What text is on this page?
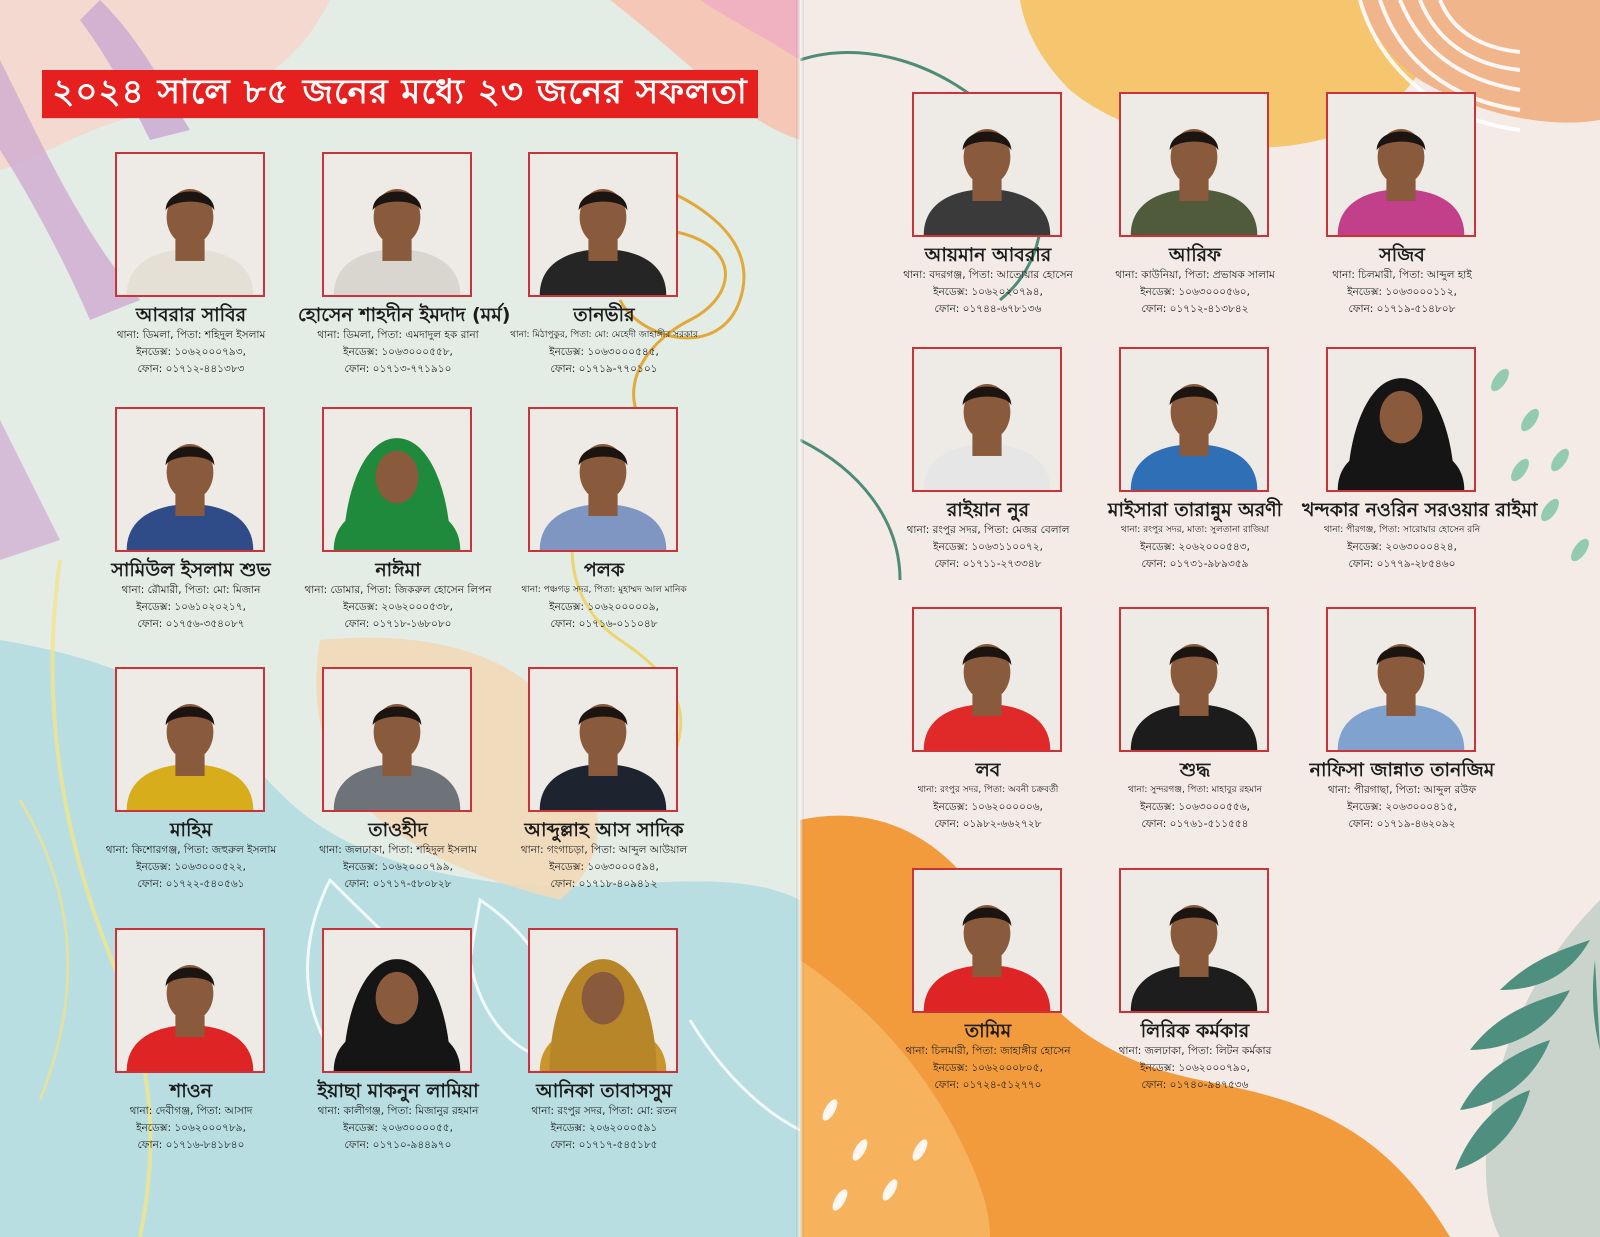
২০২৪ সালে ৮৫ জনের মধ্যে ২৩ জনের সফলতা
আবরার সাবির
থানা: ডিমলা, পিতা: শহিদুল ইসলাম
ইনডেক্স: ১০৬২০০০৭৯৩,
ফোন: ০১৭১২-৪৪১৩৮৩
হোসেন শাহদীন ইমদাদ (মর্ম)
থানা: ডিমলা, পিতা: এমদাদুল হক রানা
ইনডেক্স: ১০৬৩০০০৫৫৮,
ফোন: ০১৭১৩-৭৭১৯১০
তানভীর
থানা: মিঠাপুকুর, পিতা: মো: মেহেদী জাহাঙ্গীর সরকার
ইনডেক্স: ১০৬৩০০০৫৪৫,
ফোন: ০১৭১৯-৭৭০১০১
সামিউল ইসলাম শুভ
থানা: রৌমারী, পিতা: মো: মিজান
ইনডেক্স: ১০৬১০২০২১৭,
ফোন: ০১৭৫৬-৩৫৪০৮৭
নাঈমা
থানা: ডোমার, পিতা: জিকরুল হোসেন লিপন
ইনডেক্স: ২০৬২০০০৫৩৮,
ফোন: ০১৭১৮-১৬৮০৮০
পলক
থানা: পঞ্চগড় সদর, পিতা: মুহাম্মদ আল মানিক
ইনডেক্স: ১০৬২০০০০০৯,
ফোন: ০১৭১৬-০১১০৪৮
মাহিম
থানা: কিশোরগঞ্জ, পিতা: জহুরুল ইসলাম
ইনডেক্স: ১০৬৩০০০৫২২,
ফোন: ০১৭২২-৫৪০৫৬১
তাওহীদ
থানা: জলঢাকা, পিতা: শহিদুল ইসলাম
ইনডেক্স: ১০৬২০০০৭৯৯,
ফোন: ০১৭১৭-৫৮০৮২৮
আব্দুল্লাহ আস সাদিক
থানা: গংগাচড়া, পিতা: আব্দুল আউয়াল
ইনডেক্স: ১০৬৩০০০৫৯৪,
ফোন: ০১৭১৮-৪০৯৪১২
শাওন
থানা: দেবীগঞ্জ, পিতা: আসাদ
ইনডেক্স: ১০৬২০০০৭৮৯,
ফোন: ০১৭১৬-৮৪১৮৪০
ইয়াছা মাকনুন লামিয়া
থানা: কালীগঞ্জ, পিতা: মিজানুর রহমান
ইনডেক্স: ২০৬৩০০০০৫৫,
ফোন: ০১৭১০-৯৪৪৯৭০
আনিকা তাবাসসুম
থানা: রংপুর সদর, পিতা: মো: রতন
ইনডেক্স: ২০৬২০০০৫৯১
ফোন: ০১৭১৭-৫৪৫১৮৫
আয়মান আবরার
থানা: বদরগঞ্জ, পিতা: আতোয়ার হোসেন
ইনডেক্স: ১০৬২০২০৭৯৪,
ফোন: ০১৭৪৪-৬৭৮১৩৬
আরিফ
থানা: কাউনিয়া, পিতা: প্রভাষক সালাম
ইনডেক্স: ১০৬৩০০০৫৬০,
ফোন: ০১৭১২-৪১৩৮৪২
সজিব
থানা: চিলমারী, পিতা: আব্দুল হাই
ইনডেক্স: ১০৬৩০০০১১২,
ফোন: ০১৭১৯-৫১৪৮০৮
রাইয়ান নুর
থানা: রংপুর সদর, পিতা: মেজর বেলাল
ইনডেক্স: ১০৬৩১১০০৭২,
ফোন: ০১৭১১-২৭৩৩৪৮
মাইসারা তারান্নুম অরণী
থানা: রংপুর সদর, মাতা: সুলতানা রাজিয়া
ইনডেক্স: ২০৬২০০০৫৪৩,
ফোন: ০১৭৩১-৯৮৯৩৫৯
খন্দকার নওরিন সরওয়ার রাইমা
থানা: পীরগঞ্জ, পিতা: সারোয়ার হোসেন রনি
ইনডেক্স: ২০৬৩০০০৪২৪,
ফোন: ০১৭৭৯-২৮৫৪৬০
লব
থানা: রংপুর সদর, পিতা: অবনী চক্রবর্তী
ইনডেক্স: ১০৬২০০০০০৬,
ফোন: ০১৯৮২-৬৬২৭২৮
শুদ্ধ
থানা: সুন্দরগঞ্জ, পিতা: মাহাবুর রহমান
ইনডেক্স: ১০৬৩০০০৫৫৬,
ফোন: ০১৭৬১-৫১১৫৫৪
নাফিসা জান্নাত তানজিম
থানা: পীরগাছা, পিতা: আব্দুল রউফ
ইনডেক্স: ২০৬৩০০০৪১৫,
ফোন: ০১৭১৯-৪৬২০৯২
তামিম
থানা: চিলমারী, পিতা: জাহাঙ্গীর হোসেন
ইনডেক্স: ১০৬২০০০৮০৫,
ফোন: ০১৭২৪-৫১২৭৭০
লিরিক কর্মকার
থানা: জলঢাকা, পিতা: লিটন কর্মকার
ইনডেক্স: ১০৬২০০০৭৯০,
ফোন: ০১৭৪০-৯৪৭৫৩৬
